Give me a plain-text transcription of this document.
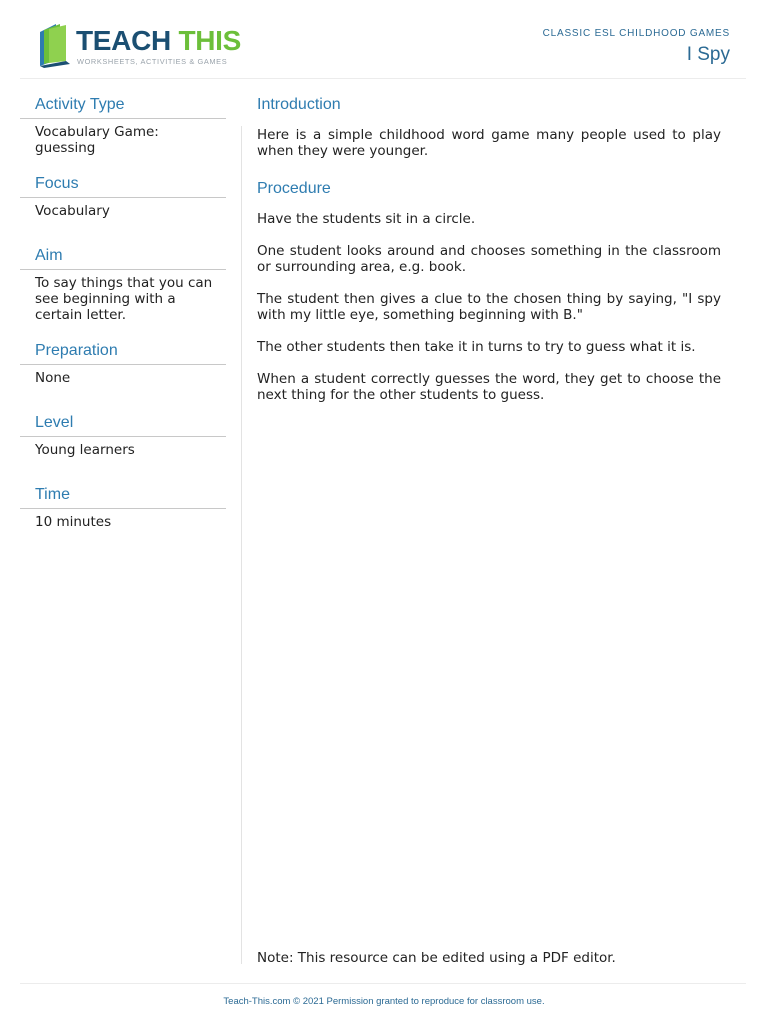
TEACH THIS
WORKSHEETS, ACTIVITIES & GAMES
CLASSIC ESL CHILDHOOD GAMES
I Spy
Activity Type
Vocabulary Game: guessing
Focus
Vocabulary
Aim
To say things that you can see beginning with a certain letter.
Preparation
None
Level
Young learners
Time
10 minutes
Introduction

Here is a simple childhood word game many people used to play when they were younger.

Procedure

Have the students sit in a circle.

One student looks around and chooses something in the classroom or surrounding area, e.g. book.

The student then gives a clue to the chosen thing by saying, "I spy with my little eye, something beginning with B."

The other students then take it in turns to try to guess what it is.

When a student correctly guesses the word, they get to choose the next thing for the other students to guess.

Note: This resource can be edited using a PDF editor.
Teach-This.com © 2021 Permission granted to reproduce for classroom use.
